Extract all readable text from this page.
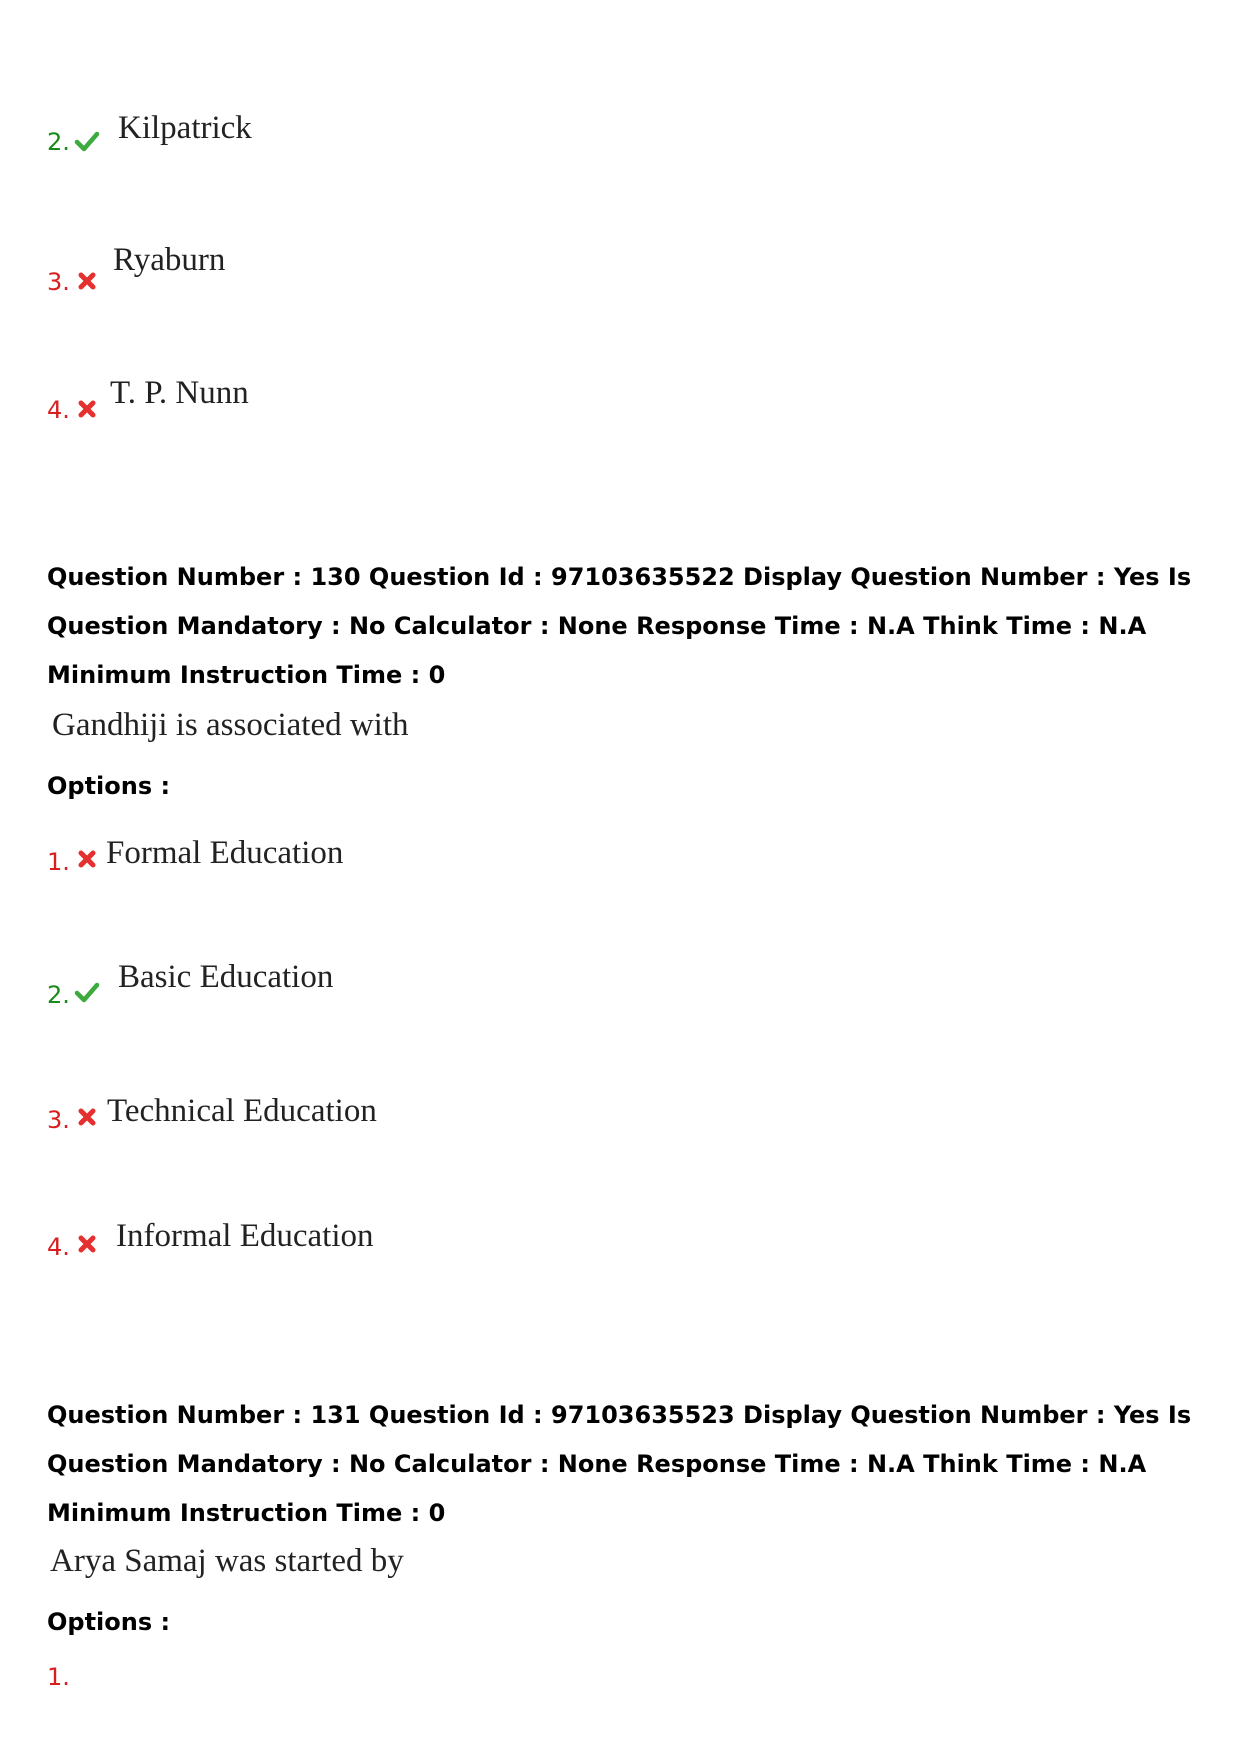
2. Kilpatrick
3.
Ryaburn
4. T. P. Nunn

Question Number : 130 Question Id : 97103635522 Display Question Number : Yes Is Question Mandatory : No Calculator : None Response Time : N.A Think Time : N.A Minimum Instruction Time : 0

Gandhiji is associated with
Options :
1. Formal Education
2. Basic Education
3. Technical Education
4. Informal Education

Question Number : 131 Question Id : 97103635523 Display Question Number : Yes Is Question Mandatory : No Calculator : None Response Time : N.A Think Time : N.A Minimum Instruction Time : 0

Arya Samaj was started by
Options :
1.
